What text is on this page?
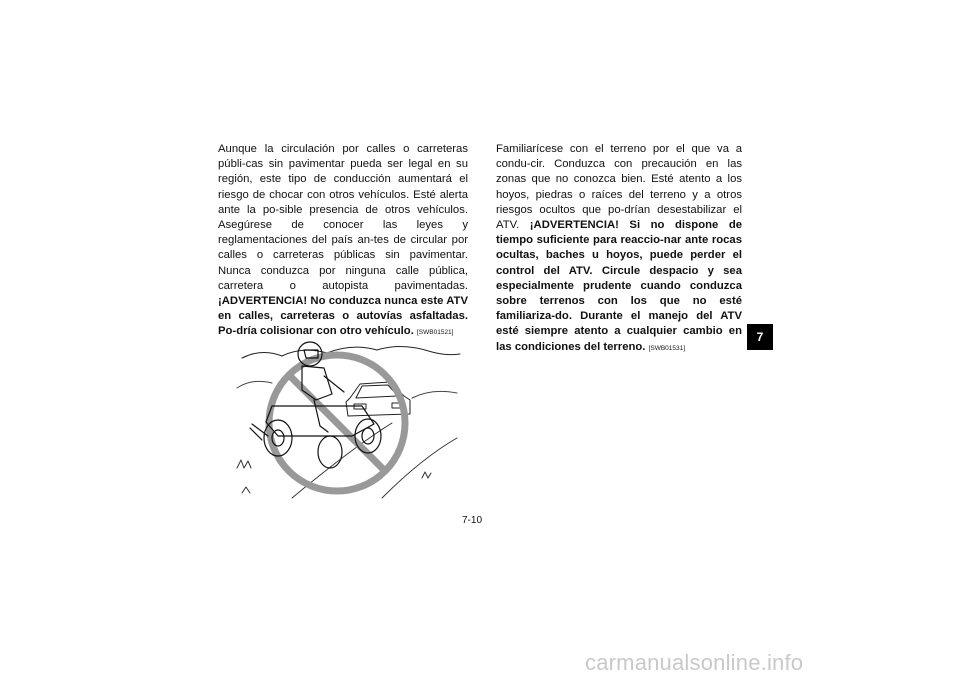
Aunque la circulación por calles o carreteras públi-cas sin pavimentar pueda ser legal en su región, este tipo de conducción aumentará el riesgo de chocar con otros vehículos. Esté alerta ante la po-sible presencia de otros vehículos. Asegúrese de conocer las leyes y reglamentaciones del país an-tes de circular por calles o carreteras públicas sin pavimentar. Nunca conduzca por ninguna calle pública, carretera o autopista pavimentadas. ¡ADVERTENCIA! No conduzca nunca este ATV en calles, carreteras o autovías asfaltadas. Po-dría colisionar con otro vehículo. [SWB01521]
Familiarícese con el terreno por el que va a condu-cir. Conduzca con precaución en las zonas que no conozca bien. Esté atento a los hoyos, piedras o raíces del terreno y a otros riesgos ocultos que po-drían desestabilizar el ATV. ¡ADVERTENCIA! Si no dispone de tiempo suficiente para reaccio-nar ante rocas ocultas, baches u hoyos, puede perder el control del ATV. Circule despacio y sea especialmente prudente cuando conduzca sobre terrenos con los que no esté familiariza-do. Durante el manejo del ATV esté siempre atento a cualquier cambio en las condiciones del terreno. [SWB01531]
7-10
7
carmanualsonline.info
